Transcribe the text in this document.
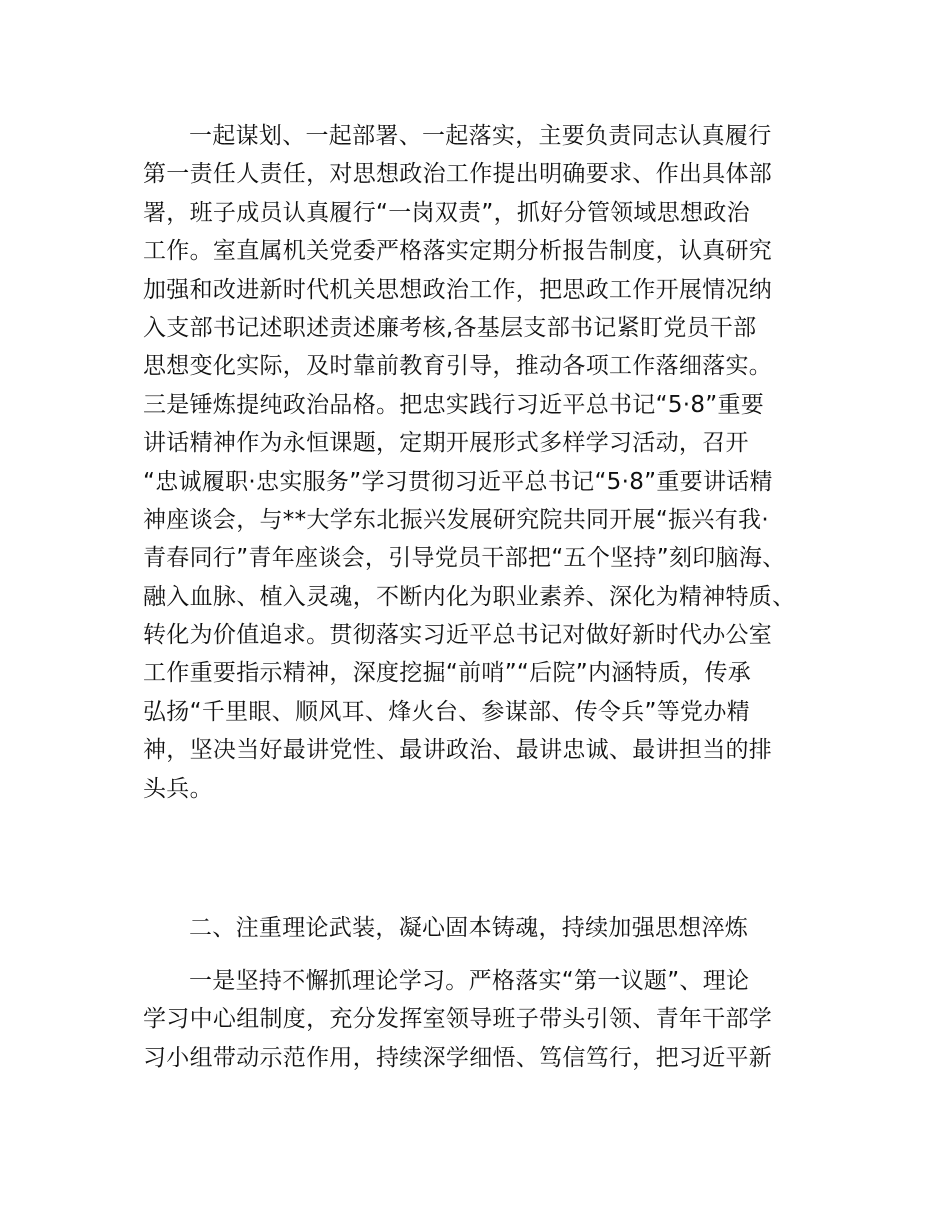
一起谋划、一起部署、一起落实，主要负责同志认真履行
第一责任人责任，对思想政治工作提出明确要求、作出具体部
署，班子成员认真履行“一岗双责”，抓好分管领域思想政治
工作。室直属机关党委严格落实定期分析报告制度，认真研究
加强和改进新时代机关思想政治工作，把思政工作开展情况纳
入支部书记述职述责述廉考核,各基层支部书记紧盯党员干部
思想变化实际，及时靠前教育引导，推动各项工作落细落实。
三是锤炼提纯政治品格。把忠实践行习近平总书记“5·8”重要
讲话精神作为永恒课题，定期开展形式多样学习活动，召开
“忠诚履职·忠实服务”学习贯彻习近平总书记“5·8”重要讲话精
神座谈会，与**大学东北振兴发展研究院共同开展“振兴有我·
青春同行”青年座谈会，引导党员干部把“五个坚持”刻印脑海、
融入血脉、植入灵魂，不断内化为职业素养、深化为精神特质、
转化为价值追求。贯彻落实习近平总书记对做好新时代办公室
工作重要指示精神，深度挖掘“前哨”“后院”内涵特质，传承
弘扬“千里眼、顺风耳、烽火台、参谋部、传令兵”等党办精
神，坚决当好最讲党性、最讲政治、最讲忠诚、最讲担当的排
头兵。
二、注重理论武装，凝心固本铸魂，持续加强思想淬炼
一是坚持不懈抓理论学习。严格落实“第一议题”、理论
学习中心组制度，充分发挥室领导班子带头引领、青年干部学
习小组带动示范作用，持续深学细悟、笃信笃行，把习近平新
